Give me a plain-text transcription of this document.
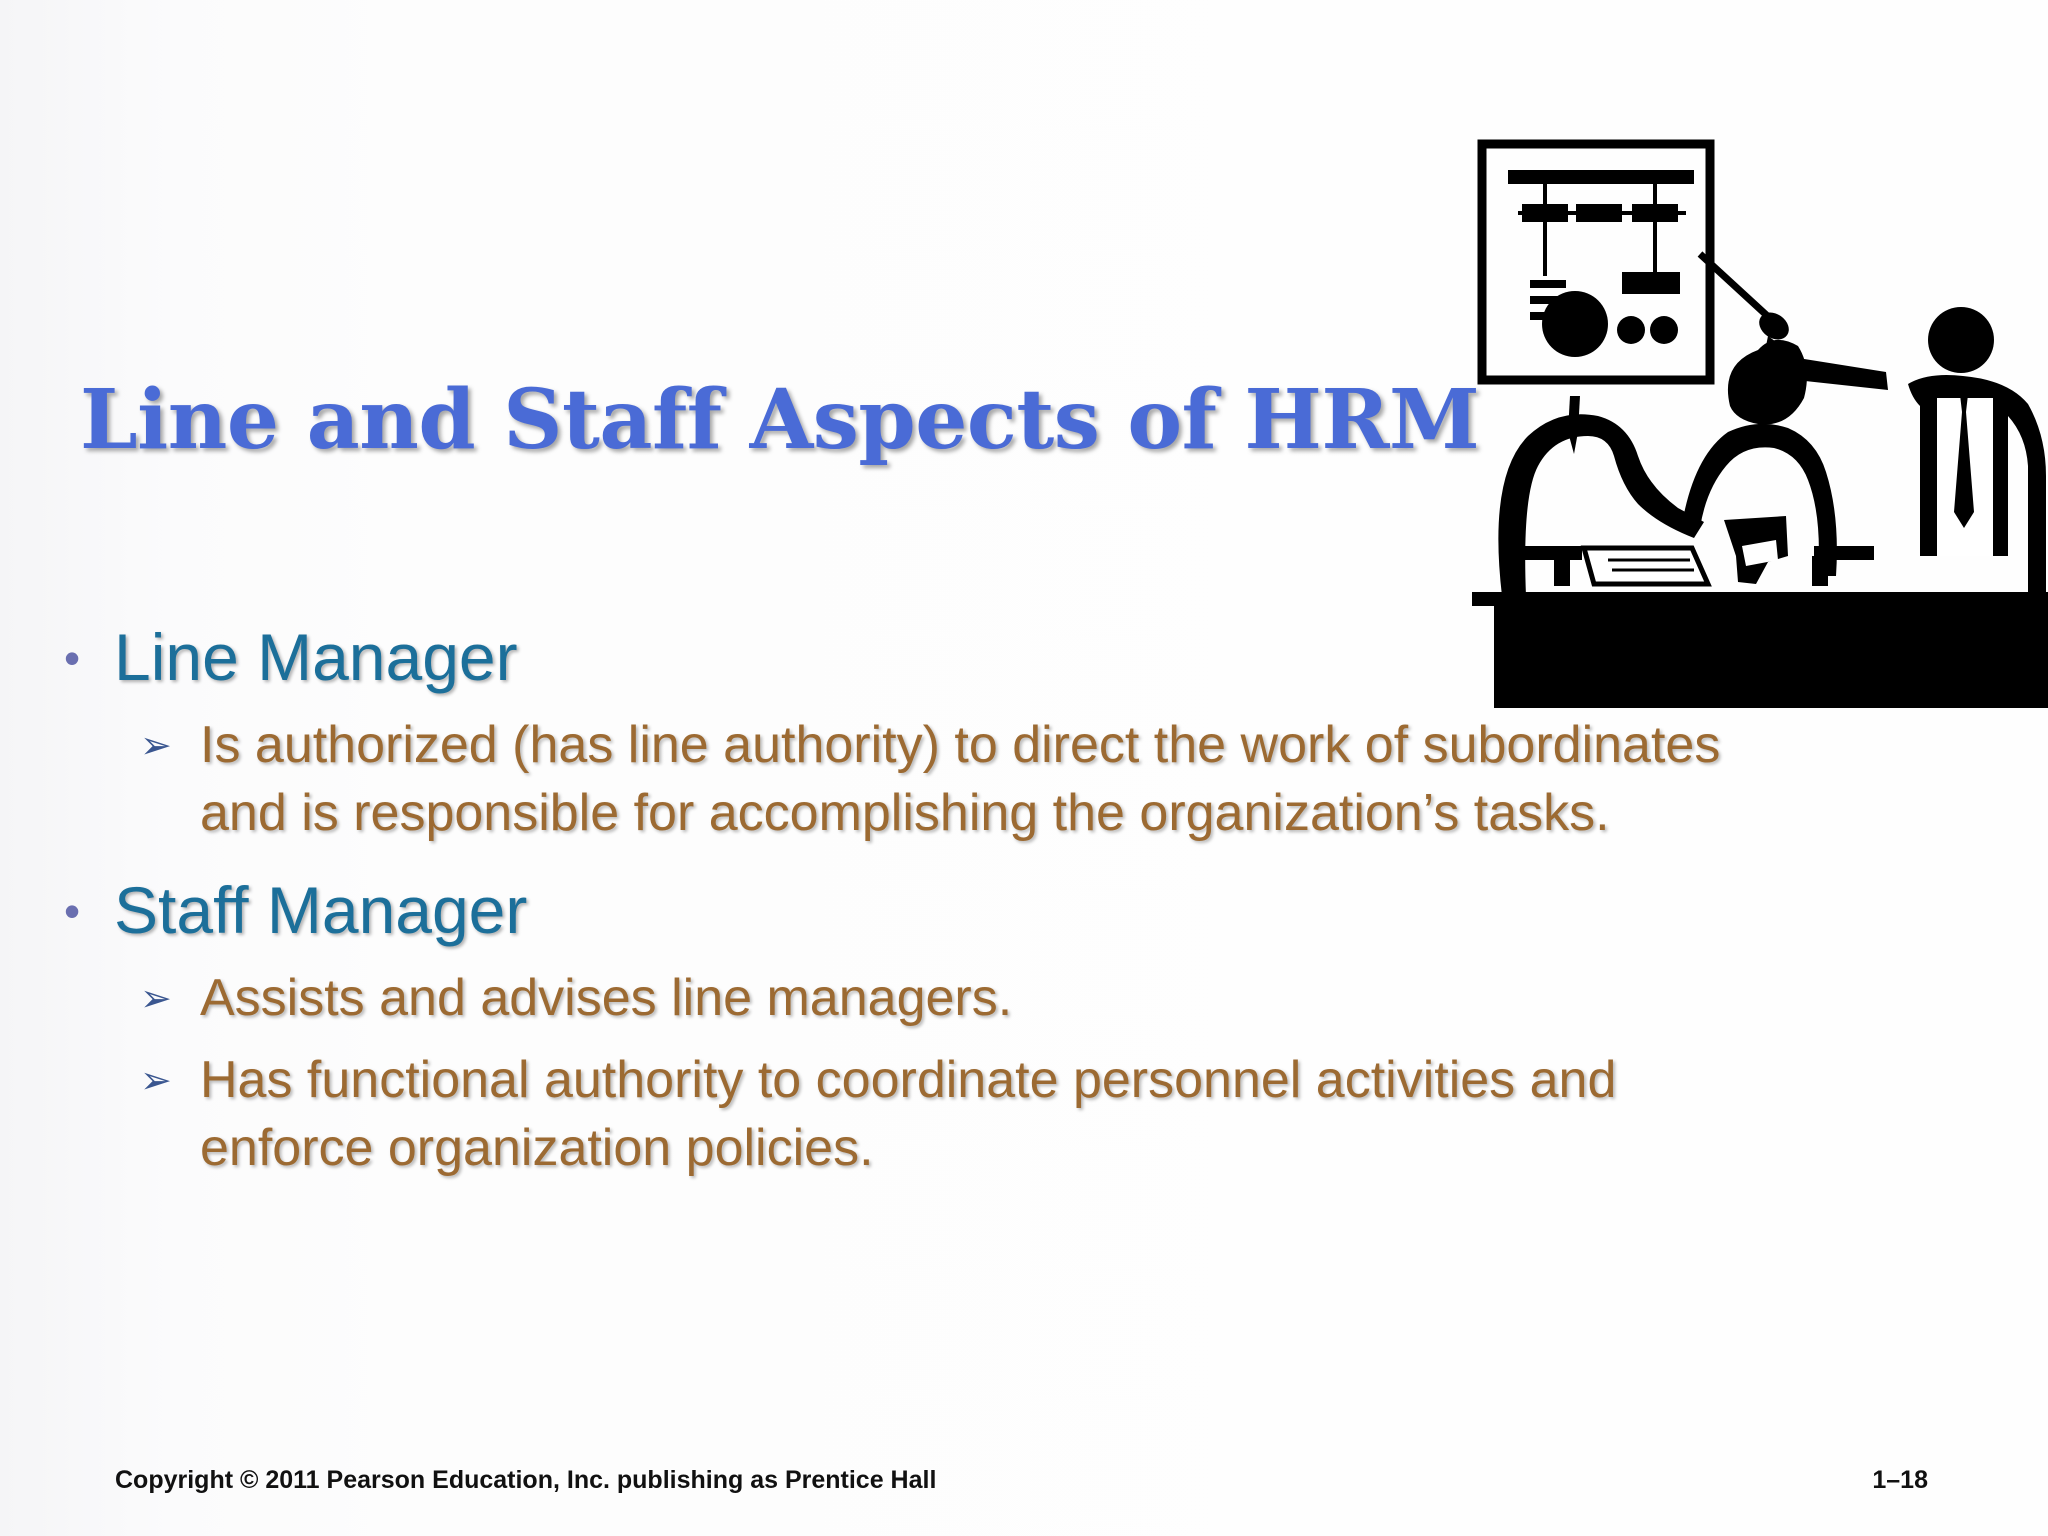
Line and Staff Aspects of HRM
• Line Manager
➢ Is authorized (has line authority) to direct the work of subordinates and is responsible for accomplishing the organization’s tasks.
• Staff Manager
➢ Assists and advises line managers.
➢ Has functional authority to coordinate personnel activities and enforce organization policies.
Copyright © 2011 Pearson Education, Inc. publishing as Prentice Hall	1–18
